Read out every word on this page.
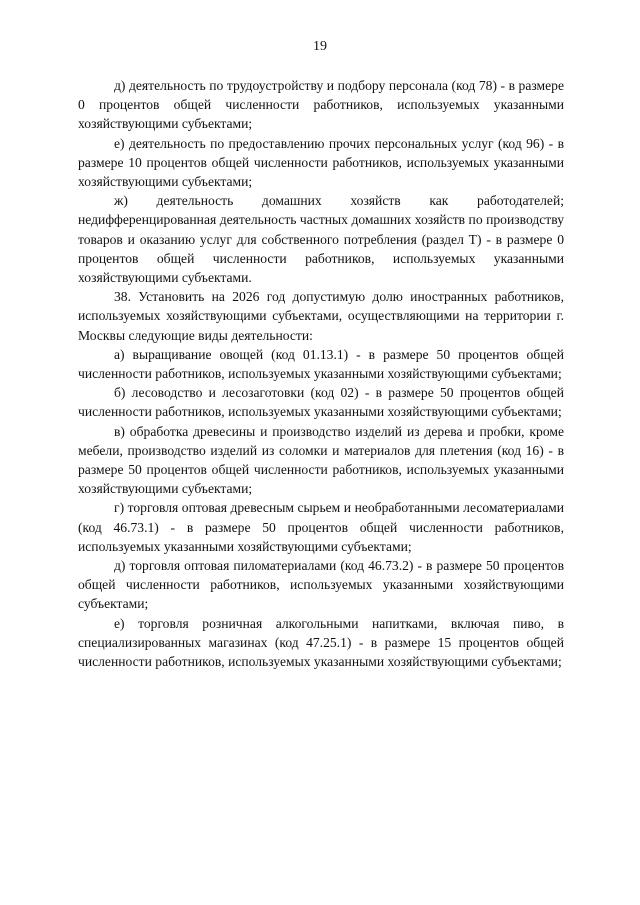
19

д) деятельность по трудоустройству и подбору персонала (код 78) - в размере 0 процентов общей численности работников, используемых указанными хозяйствующими субъектами;

е) деятельность по предоставлению прочих персональных услуг (код 96) - в размере 10 процентов общей численности работников, используемых указанными хозяйствующими субъектами;

ж) деятельность домашних хозяйств как работодателей; недифференцированная деятельность частных домашних хозяйств по производству товаров и оказанию услуг для собственного потребления (раздел T) - в размере 0 процентов общей численности работников, используемых указанными хозяйствующими субъектами.

38. Установить на 2026 год допустимую долю иностранных работников, используемых хозяйствующими субъектами, осуществляющими на территории г. Москвы следующие виды деятельности:

а) выращивание овощей (код 01.13.1) - в размере 50 процентов общей численности работников, используемых указанными хозяйствующими субъектами;

б) лесоводство и лесозаготовки (код 02) - в размере 50 процентов общей численности работников, используемых указанными хозяйствующими субъектами;

в) обработка древесины и производство изделий из дерева и пробки, кроме мебели, производство изделий из соломки и материалов для плетения (код 16) - в размере 50 процентов общей численности работников, используемых указанными хозяйствующими субъектами;

г) торговля оптовая древесным сырьем и необработанными лесоматериалами (код 46.73.1) - в размере 50 процентов общей численности работников, используемых указанными хозяйствующими субъектами;

д) торговля оптовая пиломатериалами (код 46.73.2) - в размере 50 процентов общей численности работников, используемых указанными хозяйствующими субъектами;

е) торговля розничная алкогольными напитками, включая пиво, в специализированных магазинах (код 47.25.1) - в размере 15 процентов общей численности работников, используемых указанными хозяйствующими субъектами;
